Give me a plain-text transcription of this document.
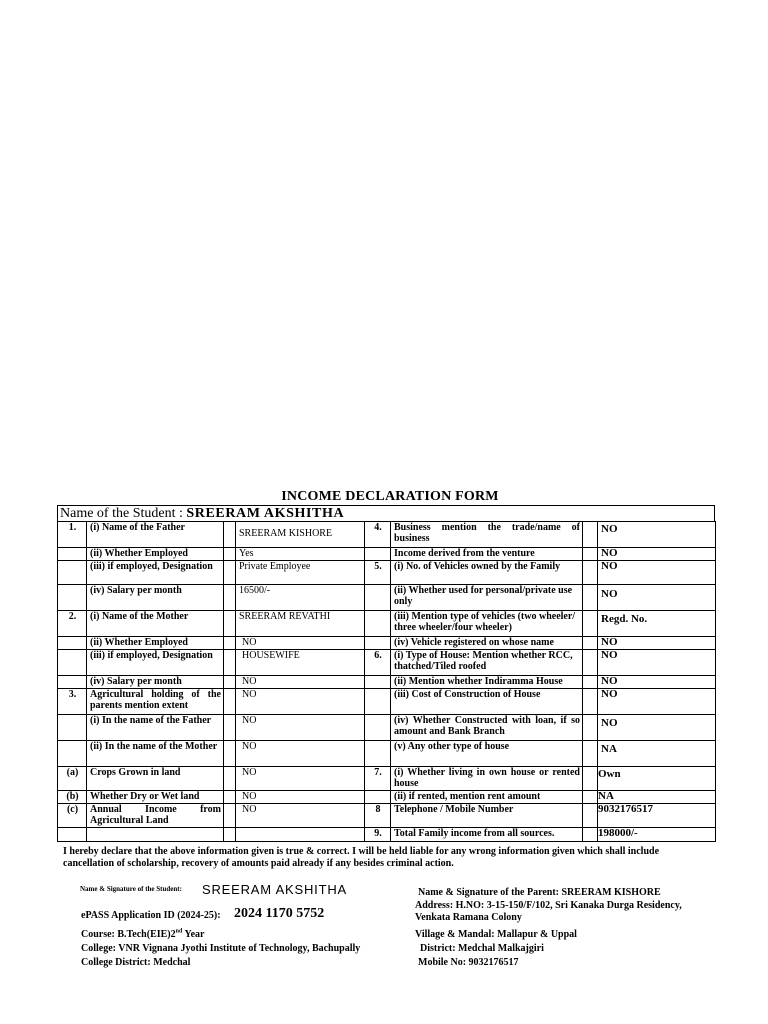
INCOME DECLARATION FORM
Name of the Student : SREERAM AKSHITHA
1.	(i) Name of the Father		SREERAM KISHORE	4.	Business mention the trade/name of business		NO
	(ii) Whether Employed		Yes		Income derived from the venture		NO
	(iii) if employed, Designation		Private Employee	5.	(i) No. of Vehicles owned by the Family		NO
	(iv) Salary per month		16500/-		(ii) Whether used for personal/private use only		NO
2.	(i) Name of the Mother		SREERAM REVATHI		(iii) Mention type of vehicles (two wheeler/ three wheeler/four wheeler)		Regd. No.
	(ii) Whether Employed		NO		(iv) Vehicle registered on whose name		NO
	(iii) if employed, Designation		HOUSEWIFE	6.	(i) Type of House: Mention whether RCC, thatched/Tiled roofed		NO
	(iv) Salary per month		NO		(ii) Mention whether Indiramma House		NO
3.	Agricultural holding of the parents mention extent		NO		(iii) Cost of Construction of House		NO
	(i) In the name of the Father		NO		(iv) Whether Constructed with loan, if so amount and Bank Branch		NO
	(ii) In the name of the Mother		NO		(v) Any other type of house		NA
(a)	Crops Grown in land		NO	7.	(i) Whether living in own house or rented house		Own
(b)	Whether Dry or Wet land		NO		(ii) if rented, mention rent amount		NA
(c)	Annual Income from Agricultural Land		NO	8	Telephone / Mobile Number		9032176517
				9.	Total Family income from all sources.		198000/-
I hereby declare that the above information given is true & correct. I will be held liable for any wrong information given which shall include cancellation of scholarship, recovery of amounts paid already if any besides criminal action.
Name & Signature of the Student: SREERAM AKSHITHA
ePASS Application ID (2024-25): 2024 1170 5752
Course: B.Tech(EIE)2nd Year
College: VNR Vignana Jyothi Institute of Technology, Bachupally
College District: Medchal
Name & Signature of the Parent: SREERAM KISHORE
Address: H.NO: 3-15-150/F/102, Sri Kanaka Durga Residency,
Venkata Ramana Colony
Village & Mandal: Mallapur & Uppal
District: Medchal Malkajgiri
Mobile No: 9032176517
